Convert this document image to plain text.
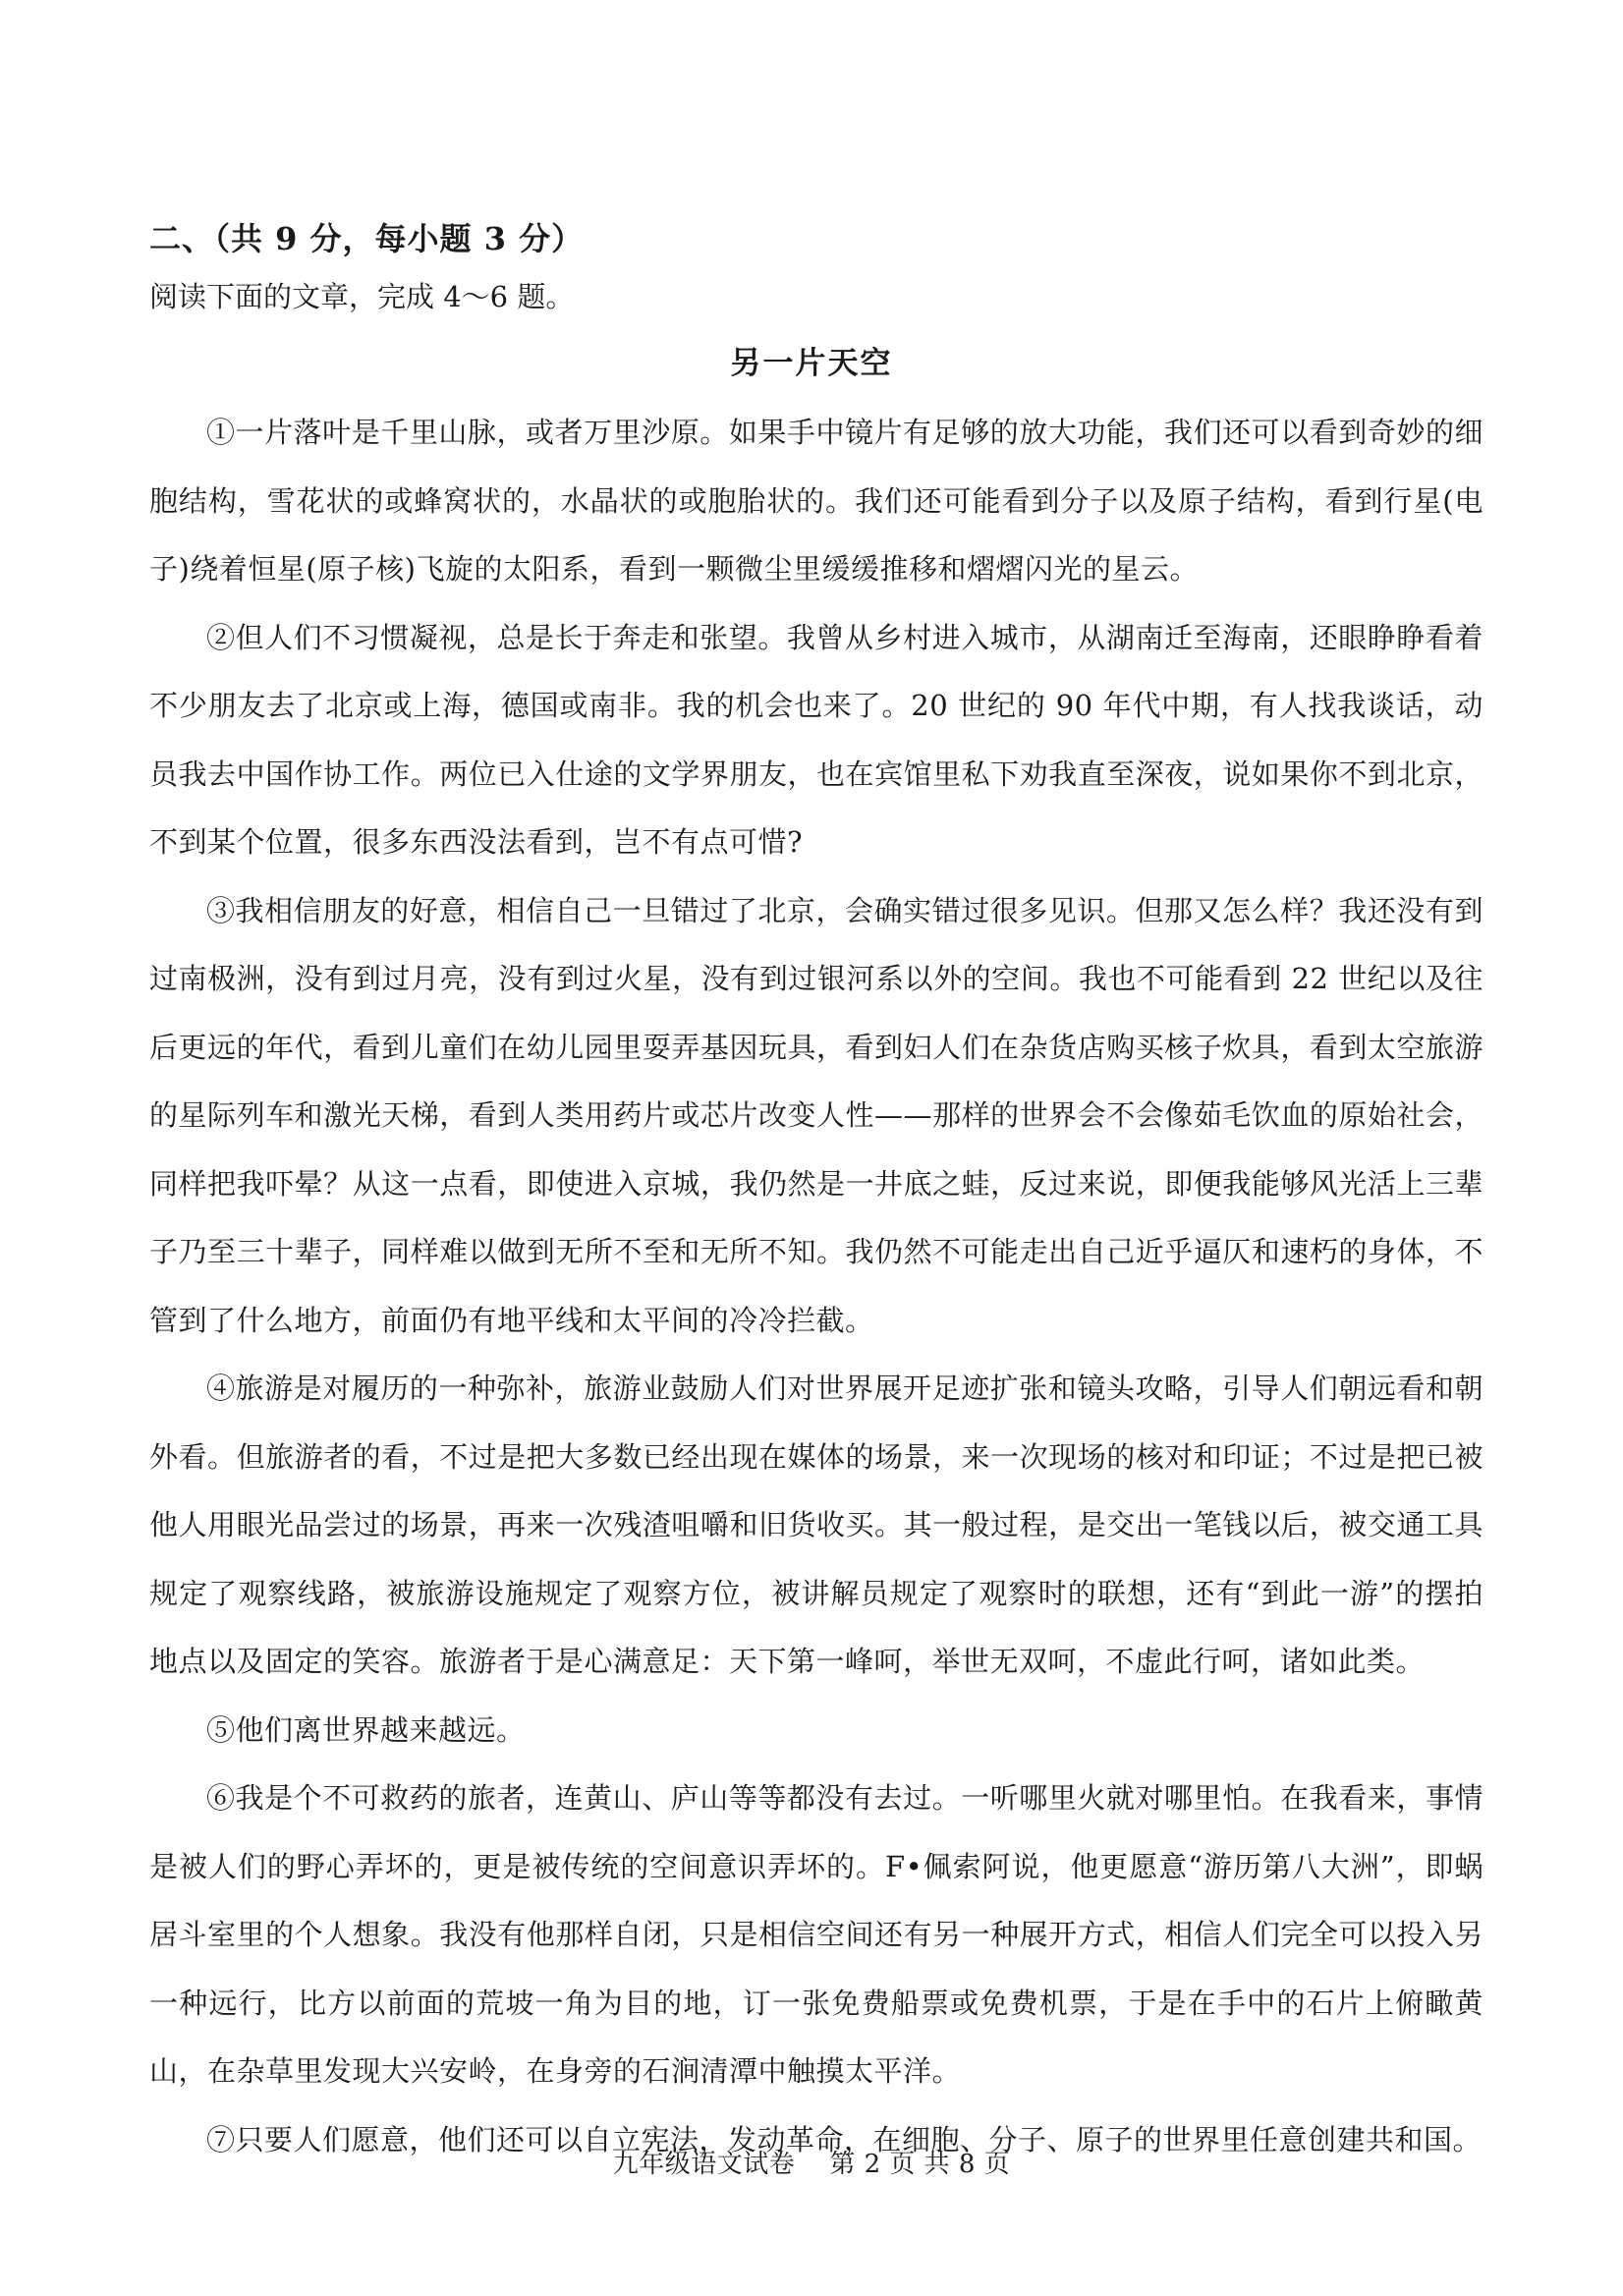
二、（共 9 分，每小题 3 分）
阅读下面的文章，完成 4～6 题。
另一片天空

①一片落叶是千里山脉，或者万里沙原。如果手中镜片有足够的放大功能，我们还可以看到奇妙的细胞结构，雪花状的或蜂窝状的，水晶状的或胞胎状的。我们还可能看到分子以及原子结构，看到行星(电子)绕着恒星(原子核)飞旋的太阳系，看到一颗微尘里缓缓推移和熠熠闪光的星云。

②但人们不习惯凝视，总是长于奔走和张望。我曾从乡村进入城市，从湖南迁至海南，还眼睁睁看着不少朋友去了北京或上海，德国或南非。我的机会也来了。20 世纪的 90 年代中期，有人找我谈话，动员我去中国作协工作。两位已入仕途的文学界朋友，也在宾馆里私下劝我直至深夜，说如果你不到北京，不到某个位置，很多东西没法看到，岂不有点可惜?

③我相信朋友的好意，相信自己一旦错过了北京，会确实错过很多见识。但那又怎么样？我还没有到过南极洲，没有到过月亮，没有到过火星，没有到过银河系以外的空间。我也不可能看到 22 世纪以及往后更远的年代，看到儿童们在幼儿园里耍弄基因玩具，看到妇人们在杂货店购买核子炊具，看到太空旅游的星际列车和激光天梯，看到人类用药片或芯片改变人性——那样的世界会不会像茹毛饮血的原始社会，同样把我吓晕？从这一点看，即使进入京城，我仍然是一井底之蛙，反过来说，即便我能够风光活上三辈子乃至三十辈子，同样难以做到无所不至和无所不知。我仍然不可能走出自己近乎逼仄和速朽的身体，不管到了什么地方，前面仍有地平线和太平间的冷冷拦截。

④旅游是对履历的一种弥补，旅游业鼓励人们对世界展开足迹扩张和镜头攻略，引导人们朝远看和朝外看。但旅游者的看，不过是把大多数已经出现在媒体的场景，来一次现场的核对和印证；不过是把已被他人用眼光品尝过的场景，再来一次残渣咀嚼和旧货收买。其一般过程，是交出一笔钱以后，被交通工具规定了观察线路，被旅游设施规定了观察方位，被讲解员规定了观察时的联想，还有“到此一游”的摆拍地点以及固定的笑容。旅游者于是心满意足：天下第一峰呵，举世无双呵，不虚此行呵，诸如此类。

⑤他们离世界越来越远。

⑥我是个不可救药的旅者，连黄山、庐山等等都没有去过。一听哪里火就对哪里怕。在我看来，事情是被人们的野心弄坏的，更是被传统的空间意识弄坏的。F•佩索阿说，他更愿意“游历第八大洲”，即蜗居斗室里的个人想象。我没有他那样自闭，只是相信空间还有另一种展开方式，相信人们完全可以投入另一种远行，比方以前面的荒坡一角为目的地，订一张免费船票或免费机票，于是在手中的石片上俯瞰黄山，在杂草里发现大兴安岭，在身旁的石涧清潭中触摸太平洋。

⑦只要人们愿意，他们还可以自立宪法，发动革命，在细胞、分子、原子的世界里任意创建共和国。

九年级语文试卷    第 2 页 共 8 页
